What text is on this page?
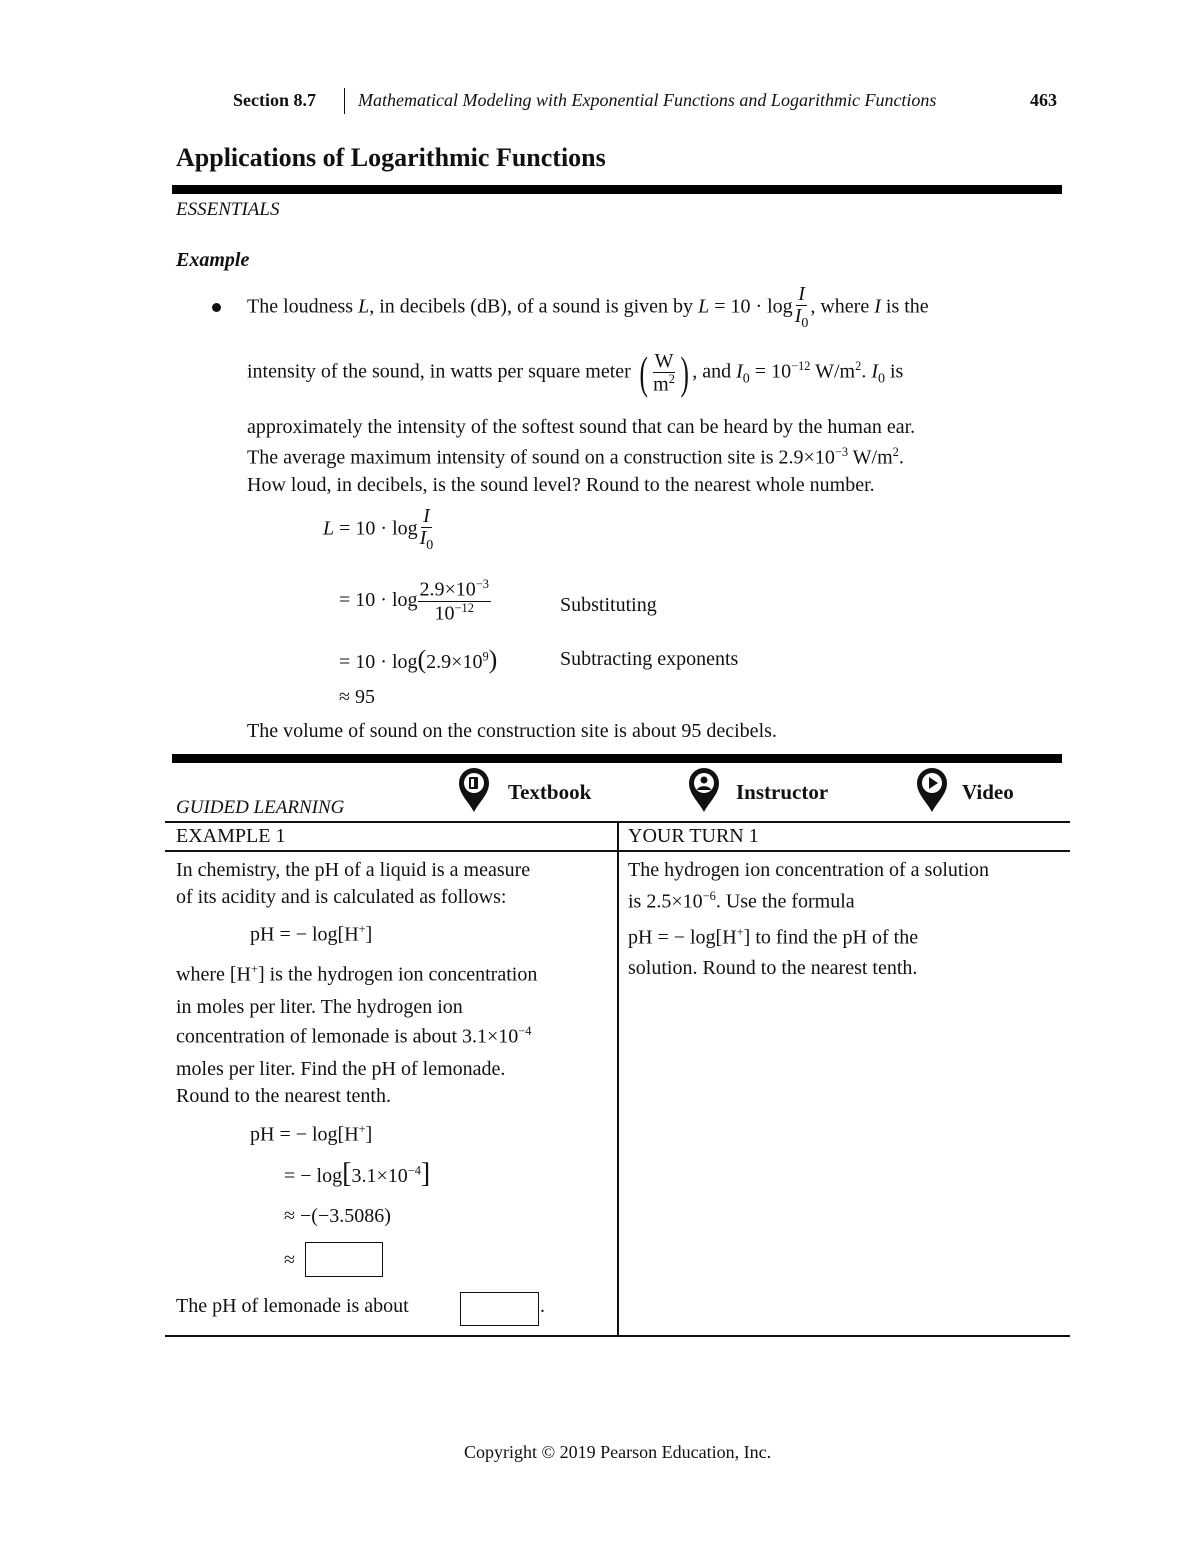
Section 8.7 Mathematical Modeling with Exponential Functions and Logarithmic Functions	463
Applications of Logarithmic Functions
ESSENTIALS
Example
The loudness L, in decibels (dB), of a sound is given by $L = 10 \cdot \log \frac{I}{I_0}$ , where I is the
intensity of the sound, in watts per square meter ( $\frac{W}{m^2}$ ) , and $I_0 = 10^{-12}$ $W/m^2$. $I_0$ is
approximately the intensity of the softest sound that can be heard by the human ear.
The average maximum intensity of sound on a construction site is $2.9\times 10^{-3}$ $W/m^2$.
How loud, in decibels, is the sound level? Round to the nearest whole number.
$L = 10 \cdot \log \frac{I}{I_0}$
= $10 \cdot \log \frac{2.9\times 10^{-3}}{10^{-12}}$	Substituting
= $10 \cdot \log(2.9\times 10^9)$	Subtracting exponents
≈ 95
The volume of sound on the construction site is about 95 decibels.
GUIDED LEARNING
Textbook	Instructor	Video
EXAMPLE 1	YOUR TURN 1
In chemistry, the pH of a liquid is a measure
of its acidity and is calculated as follows:
pH = − log[H+]
where [H+] is the hydrogen ion concentration
in moles per liter. The hydrogen ion
concentration of lemonade is about $3.1\times 10^{-4}$
moles per liter. Find the pH of lemonade.
Round to the nearest tenth.
pH = − log[H+]
= − $\log[3.1\times 10^{-4}]$
≈ −(−3.5086)
≈
The pH of lemonade is about	.
The hydrogen ion concentration of a solution
is $2.5\times 10^{-6}$. Use the formula
pH = − log[H+] to find the pH of the
solution. Round to the nearest tenth.
Copyright © 2019 Pearson Education, Inc.
